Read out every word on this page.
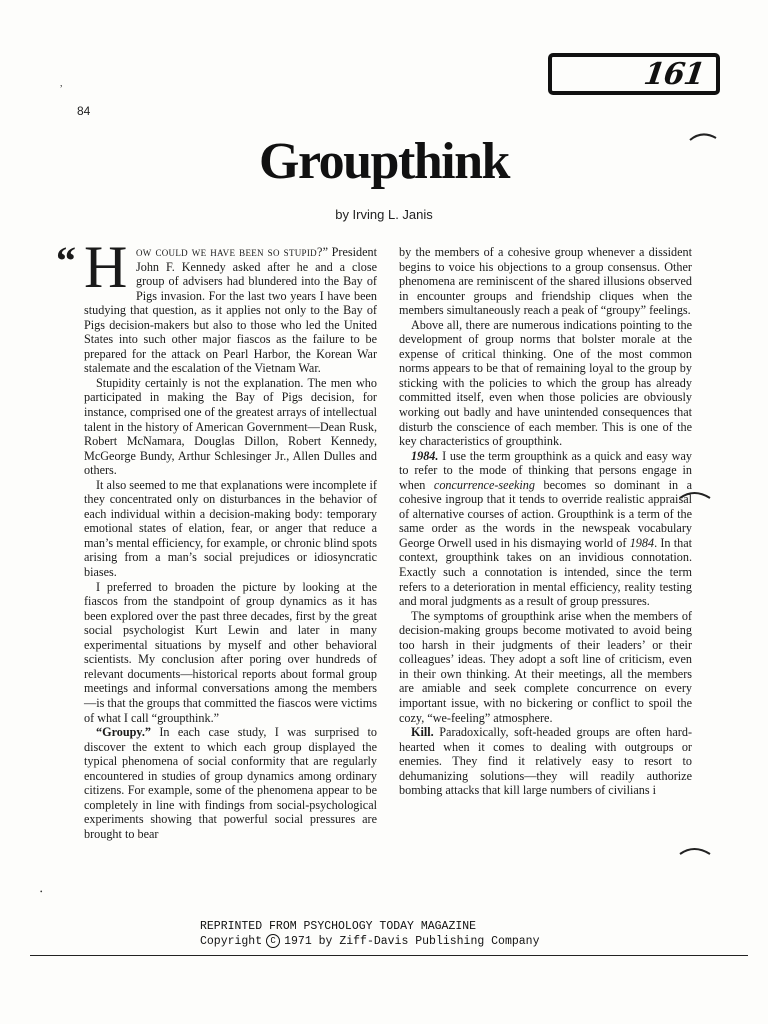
,
•
84
161
Groupthink
by Irving L. Janis

“ H ow could we have been so stupid?” President John F. Kennedy asked after he and a close group of advisers had blundered into the Bay of Pigs invasion. For the last two years I have been studying that question, as it applies not only to the Bay of Pigs decision-makers but also to those who led the United States into such other major fiascos as the failure to be prepared for the attack on Pearl Harbor, the Korean War stalemate and the escalation of the Vietnam War.

Stupidity certainly is not the explanation. The men who participated in making the Bay of Pigs decision, for instance, comprised one of the greatest arrays of intellectual talent in the history of American Government—Dean Rusk, Robert McNamara, Douglas Dillon, Robert Kennedy, McGeorge Bundy, Arthur Schlesinger Jr., Allen Dulles and others.

It also seemed to me that explanations were incomplete if they concentrated only on disturbances in the behavior of each individual within a decision-making body: temporary emotional states of elation, fear, or anger that reduce a man’s mental efficiency, for example, or chronic blind spots arising from a man’s social prejudices or idiosyncratic biases.

I preferred to broaden the picture by looking at the fiascos from the standpoint of group dynamics as it has been explored over the past three decades, first by the great social psychologist Kurt Lewin and later in many experimental situations by myself and other behavioral scientists. My conclusion after poring over hundreds of relevant documents—historical reports about formal group meetings and informal conversations among the members—is that the groups that committed the fiascos were victims of what I call “groupthink.”

“Groupy.” In each case study, I was surprised to discover the extent to which each group displayed the typical phenomena of social conformity that are regularly encountered in studies of group dynamics among ordinary citizens. For example, some of the phenomena appear to be completely in line with findings from social-psychological experiments showing that powerful social pressures are brought to bear

by the members of a cohesive group whenever a dissident begins to voice his objections to a group consensus. Other phenomena are reminiscent of the shared illusions observed in encounter groups and friendship cliques when the members simultaneously reach a peak of “groupy” feelings.

Above all, there are numerous indications pointing to the development of group norms that bolster morale at the expense of critical thinking. One of the most common norms appears to be that of remaining loyal to the group by sticking with the policies to which the group has already committed itself, even when those policies are obviously working out badly and have unintended consequences that disturb the conscience of each member. This is one of the key characteristics of groupthink.

1984. I use the term groupthink as a quick and easy way to refer to the mode of thinking that persons engage in when concurrence-seeking becomes so dominant in a cohesive ingroup that it tends to override realistic appraisal of alternative courses of action. Groupthink is a term of the same order as the words in the newspeak vocabulary George Orwell used in his dismaying world of 1984. In that context, groupthink takes on an invidious connotation. Exactly such a connotation is intended, since the term refers to a deterioration in mental efficiency, reality testing and moral judgments as a result of group pressures.

The symptoms of groupthink arise when the members of decision-making groups become motivated to avoid being too harsh in their judgments of their leaders’ or their colleagues’ ideas. They adopt a soft line of criticism, even in their own thinking. At their meetings, all the members are amiable and seek complete concurrence on every important issue, with no bickering or conflict to spoil the cozy, “we-feeling” atmosphere.

Kill. Paradoxically, soft-headed groups are often hard-hearted when it comes to dealing with outgroups or enemies. They find it relatively easy to resort to dehumanizing solutions—they will readily authorize bombing attacks that kill large numbers of civilians i

REPRINTED FROM PSYCHOLOGY TODAY MAGAZINE
Copyright C 1971 by Ziff-Davis Publishing Company
